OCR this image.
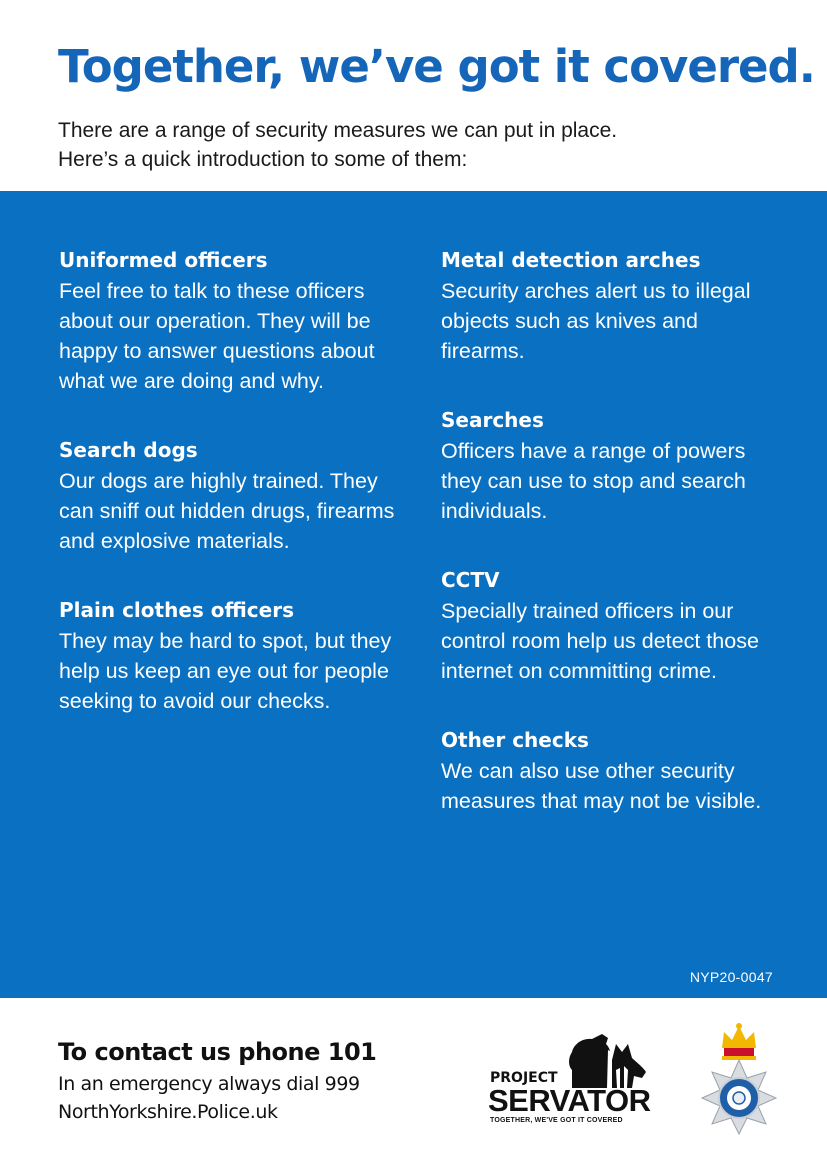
Together, we’ve got it covered.
There are a range of security measures we can put in place.
Here’s a quick introduction to some of them:
Uniformed officers

Feel free to talk to these officers about our operation. They will be happy to answer questions about what we are doing and why.

Search dogs

Our dogs are highly trained. They can sniff out hidden drugs, firearms and explosive materials.

Plain clothes officers

They may be hard to spot, but they help us keep an eye out for people seeking to avoid our checks.

Metal detection arches

Security arches alert us to illegal objects such as knives and firearms.

Searches

Officers have a range of powers they can use to stop and search individuals.

CCTV

Specially trained officers in our control room help us detect those internet on committing crime.

Other checks

We can also use other security measures that may not be visible.

NYP20-0047
To contact us phone 101
In an emergency always dial 999
NorthYorkshire.Police.uk
PROJECT
SERVATOR
TOGETHER, WE'VE GOT IT COVERED
